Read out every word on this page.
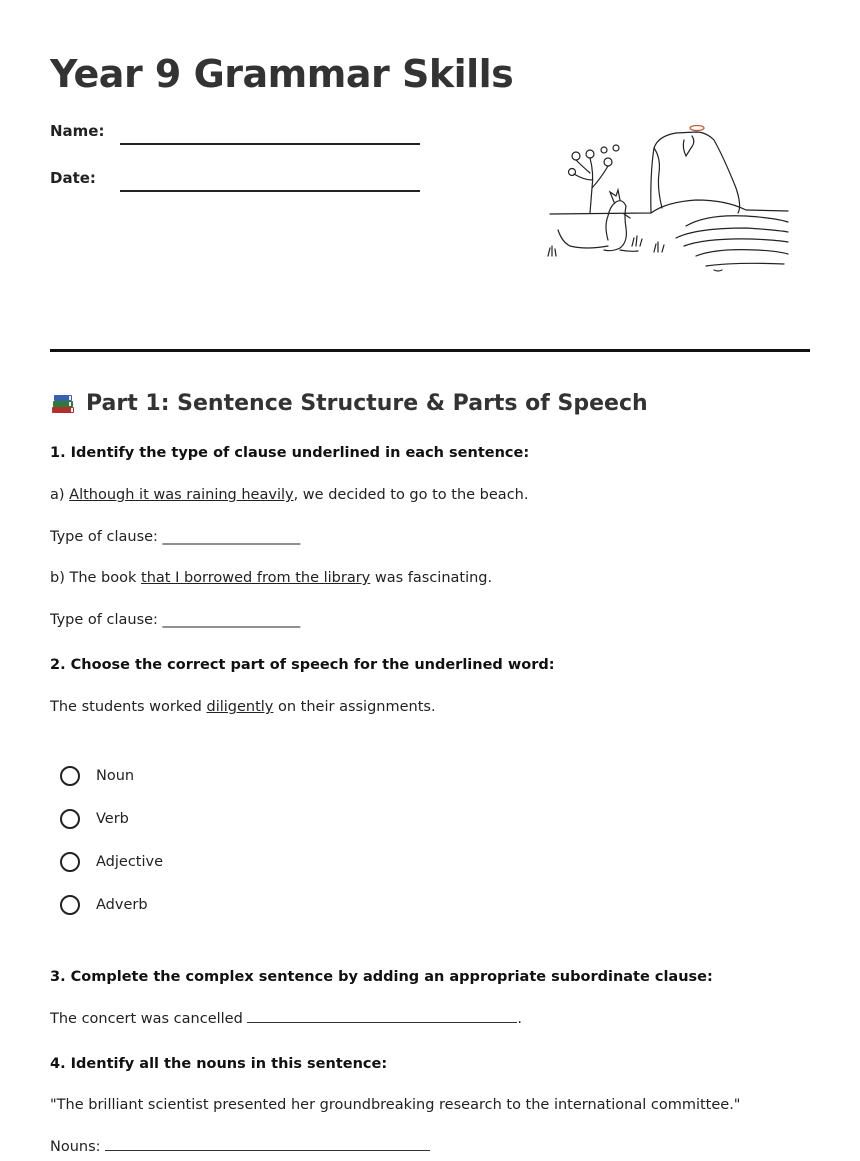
Year 9 Grammar Skills
Name:
Date:
Part 1: Sentence Structure & Parts of Speech
1. Identify the type of clause underlined in each sentence:
a) Although it was raining heavily, we decided to go to the beach.
Type of clause: ___________________
b) The book that I borrowed from the library was fascinating.
Type of clause: ___________________
2. Choose the correct part of speech for the underlined word:
The students worked diligently on their assignments.
Noun
Verb
Adjective
Adverb
3. Complete the complex sentence by adding an appropriate subordinate clause:
The concert was cancelled	.
4. Identify all the nouns in this sentence:
"The brilliant scientist presented her groundbreaking research to the international committee."
Nouns:
